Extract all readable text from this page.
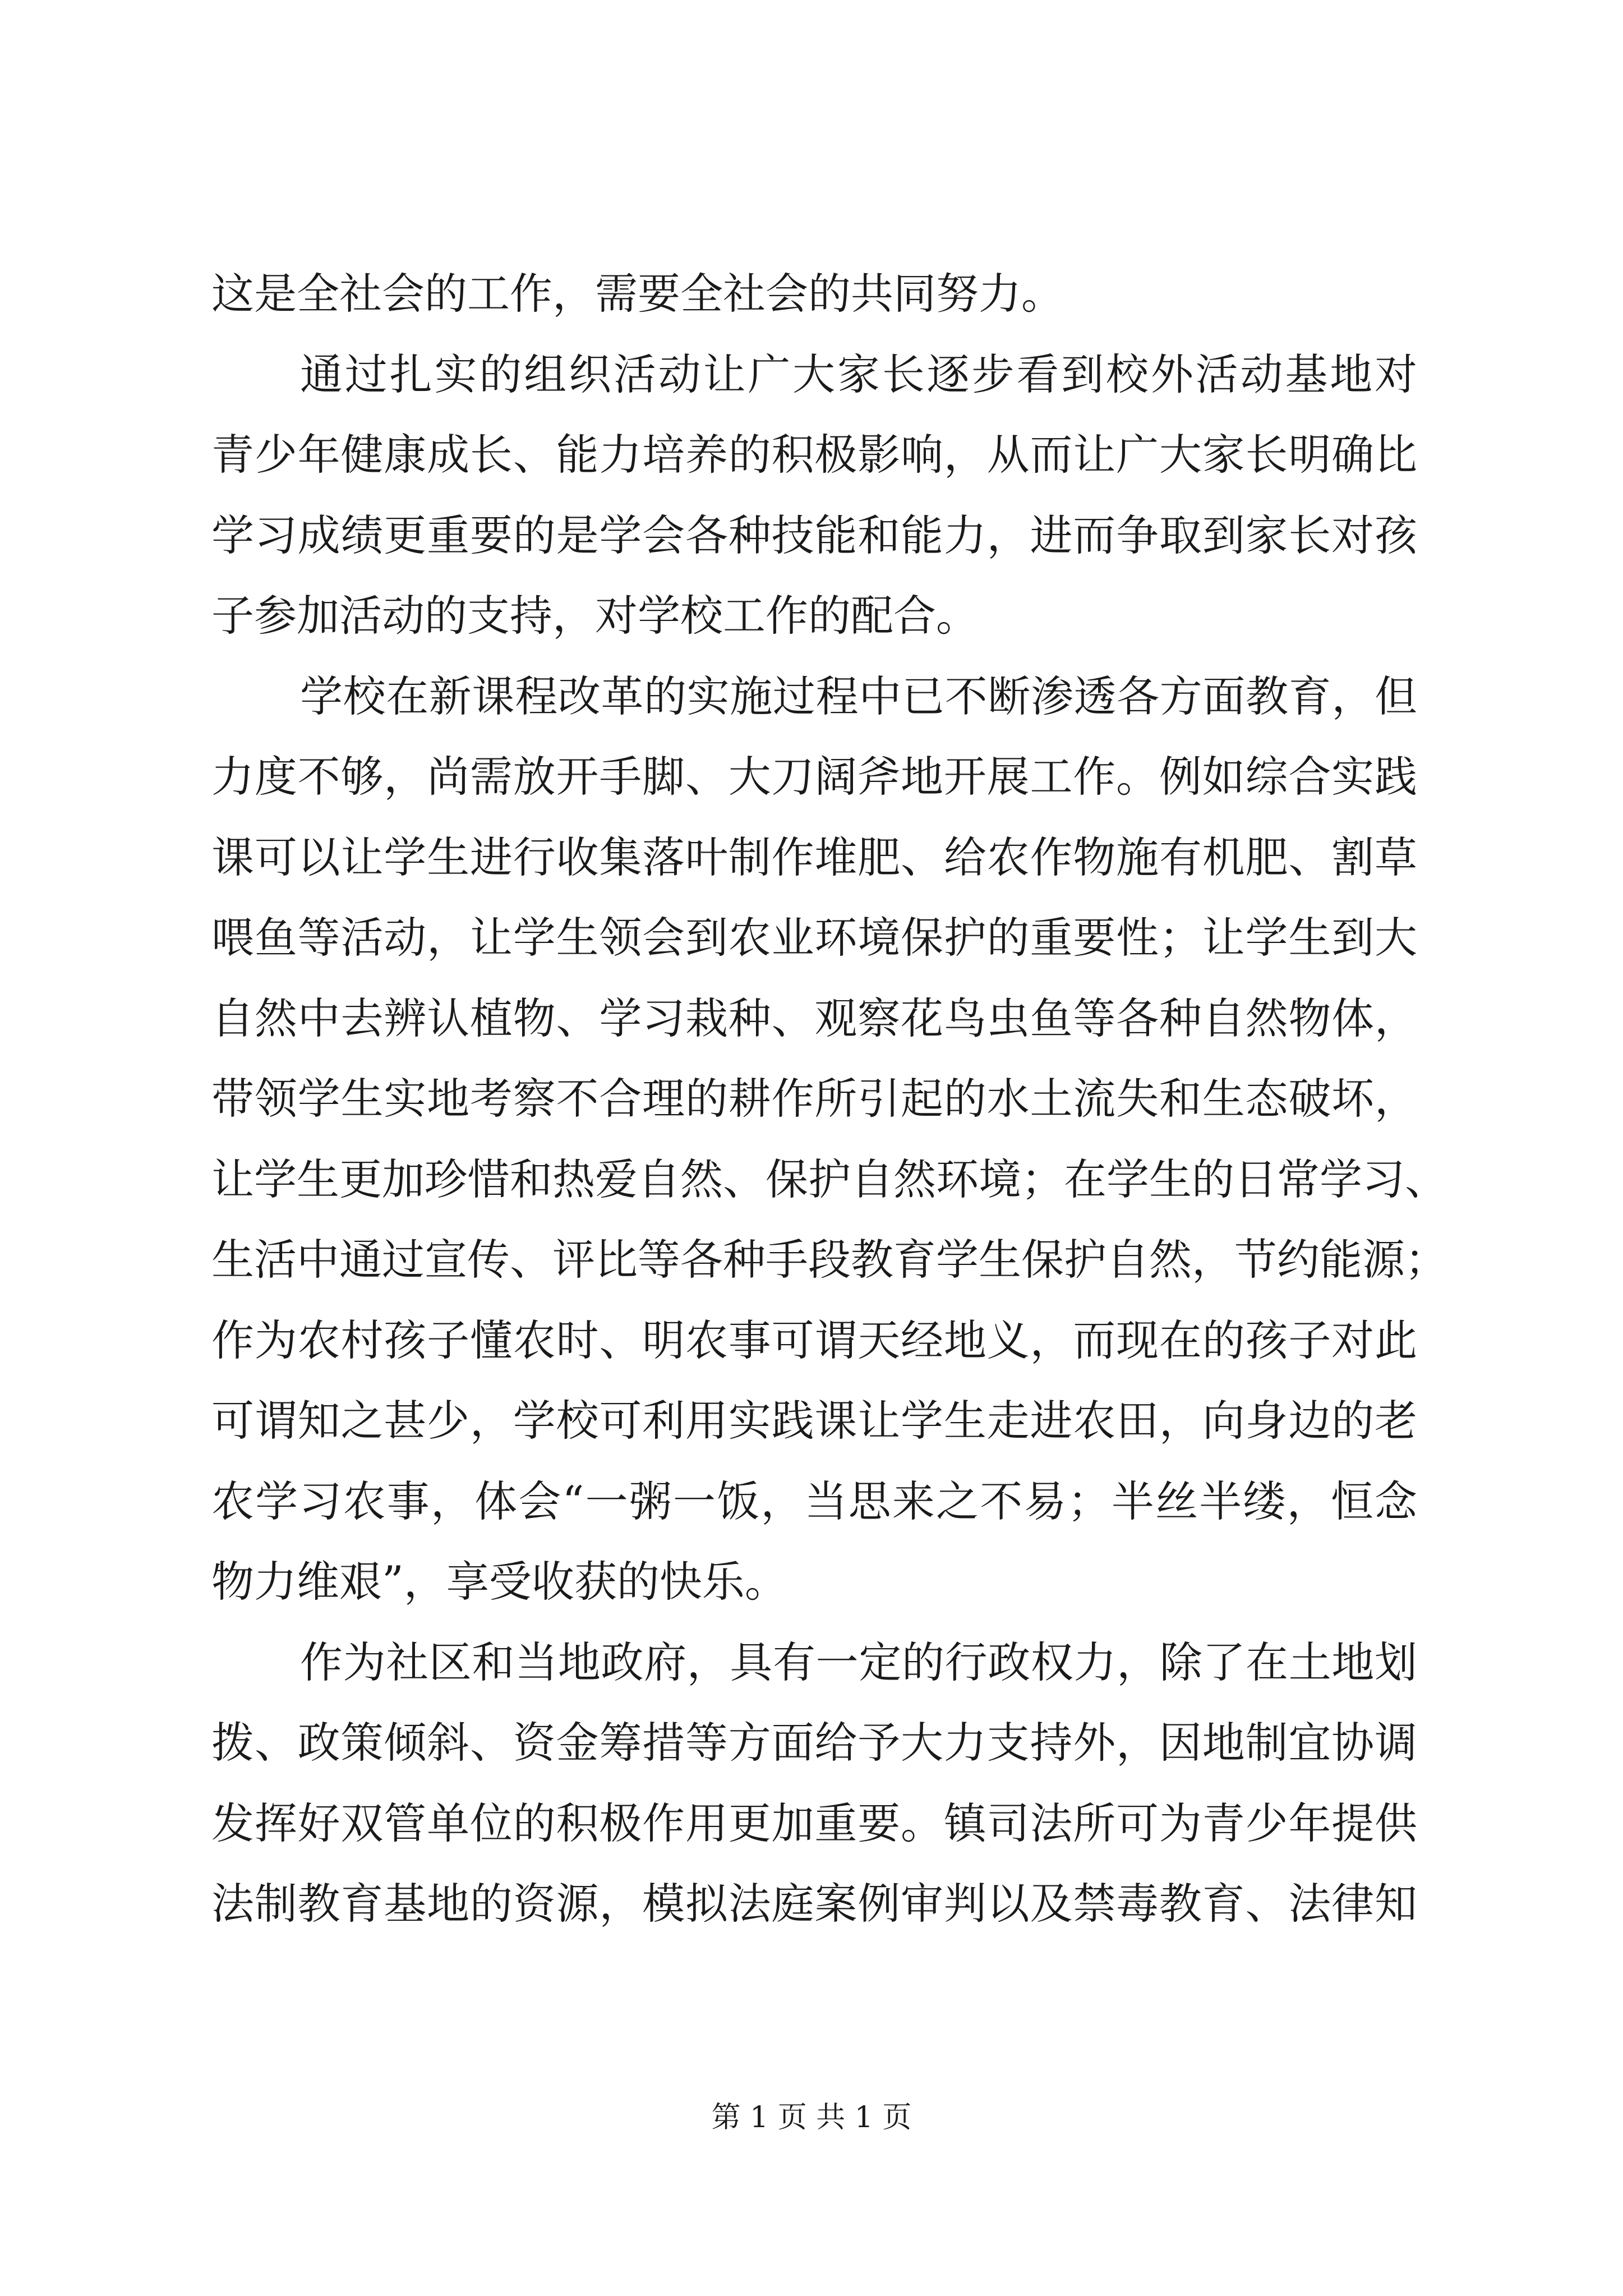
这是全社会的工作，需要全社会的共同努力。
通过扎实的组织活动让广大家长逐步看到校外活动基地对
青少年健康成长、能力培养的积极影响，从而让广大家长明确比
学习成绩更重要的是学会各种技能和能力，进而争取到家长对孩
子参加活动的支持，对学校工作的配合。
学校在新课程改革的实施过程中已不断渗透各方面教育，但
力度不够，尚需放开手脚、大刀阔斧地开展工作。例如综合实践
课可以让学生进行收集落叶制作堆肥、给农作物施有机肥、割草
喂鱼等活动，让学生领会到农业环境保护的重要性；让学生到大
自然中去辨认植物、学习栽种、观察花鸟虫鱼等各种自然物体，
带领学生实地考察不合理的耕作所引起的水土流失和生态破坏，
让学生更加珍惜和热爱自然、保护自然环境；在学生的日常学习、
生活中通过宣传、评比等各种手段教育学生保护自然，节约能源；
作为农村孩子懂农时、明农事可谓天经地义，而现在的孩子对此
可谓知之甚少，学校可利用实践课让学生走进农田，向身边的老
农学习农事，体会“一粥一饭，当思来之不易；半丝半缕，恒念
物力维艰”，享受收获的快乐。
作为社区和当地政府，具有一定的行政权力，除了在土地划
拨、政策倾斜、资金筹措等方面给予大力支持外，因地制宜协调
发挥好双管单位的积极作用更加重要。镇司法所可为青少年提供
法制教育基地的资源，模拟法庭案例审判以及禁毒教育、法律知
第 1 页 共 1 页
